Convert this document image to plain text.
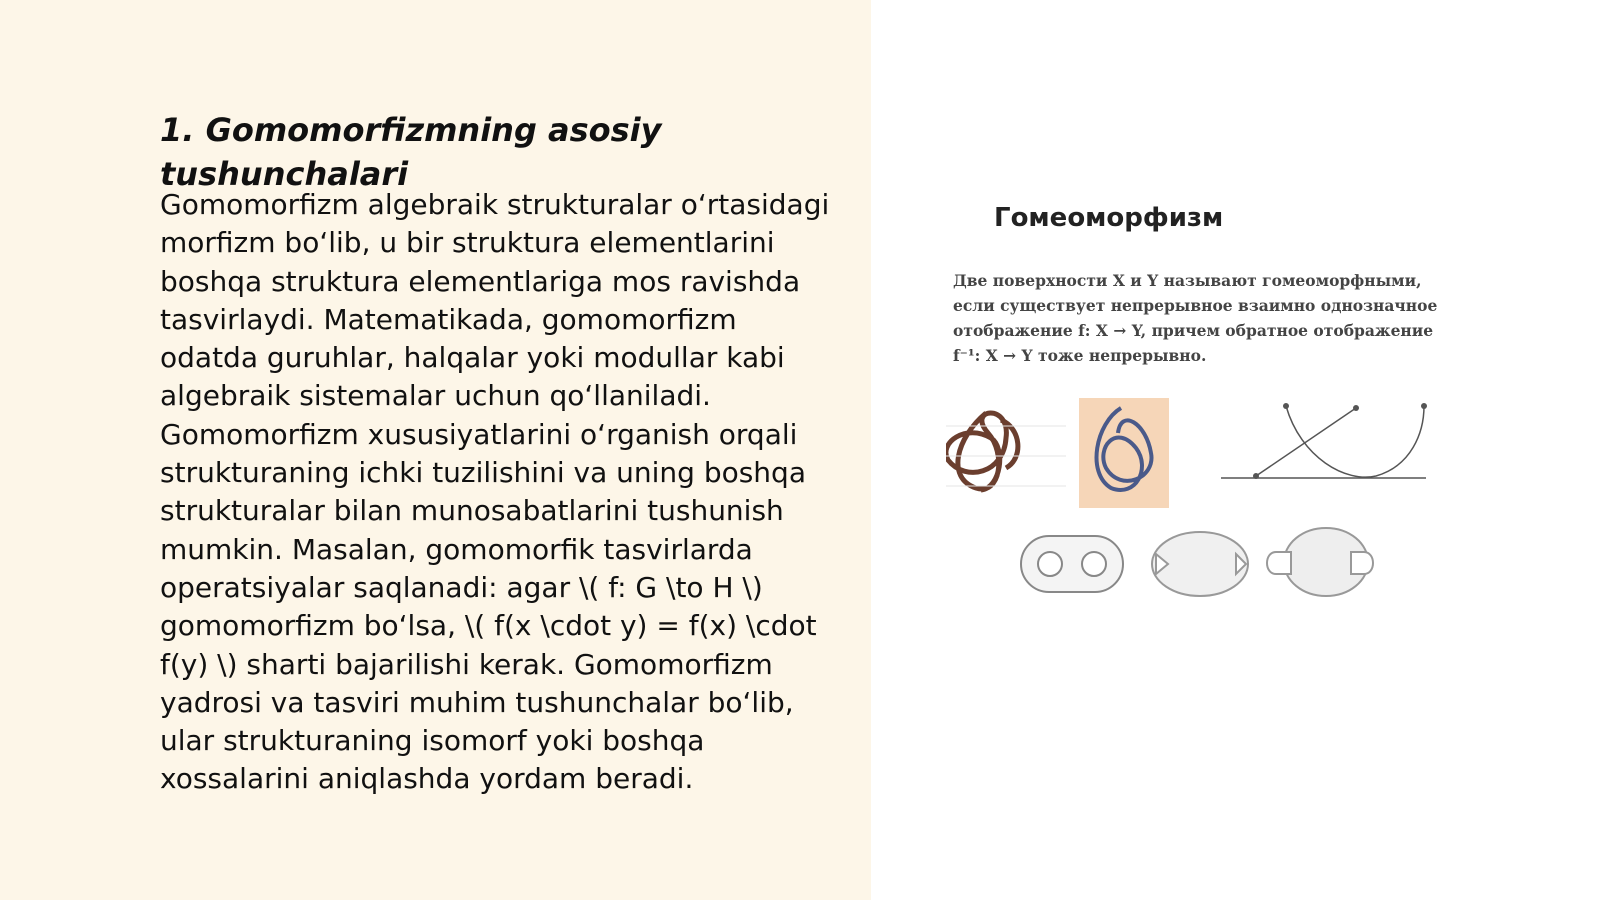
1. Gomomorfizmning asosiy tushunchalari

Gomomorfizm algebraik strukturalar o‘rtasidagi morfizm bo‘lib, u bir struktura elementlarini boshqa struktura elementlariga mos ravishda tasvirlaydi. Matematikada, gomomorfizm odatda guruhlar, halqalar yoki modullar kabi algebraik sistemalar uchun qo‘llaniladi. Gomomorfizm xususiyatlarini o‘rganish orqali strukturaning ichki tuzilishini va uning boshqa strukturalar bilan munosabatlarini tushunish mumkin. Masalan, gomomorfik tasvirlarda operatsiyalar saqlanadi: agar \( f: G \to H \) gomomorfizm bo‘lsa, \( f(x \cdot y) = f(x) \cdot f(y) \) sharti bajarilishi kerak. Gomomorfizm yadrosi va tasviri muhim tushunchalar bo‘lib, ular strukturaning isomorf yoki boshqa xossalarini aniqlashda yordam beradi.

Гомеоморфизм
Две поверхности X и Y называют гомеоморфными, если существует непрерывное взаимно однозначное отображение f: X → Y, причем обратное отображение f⁻¹: X → Y тоже непрерывно.
